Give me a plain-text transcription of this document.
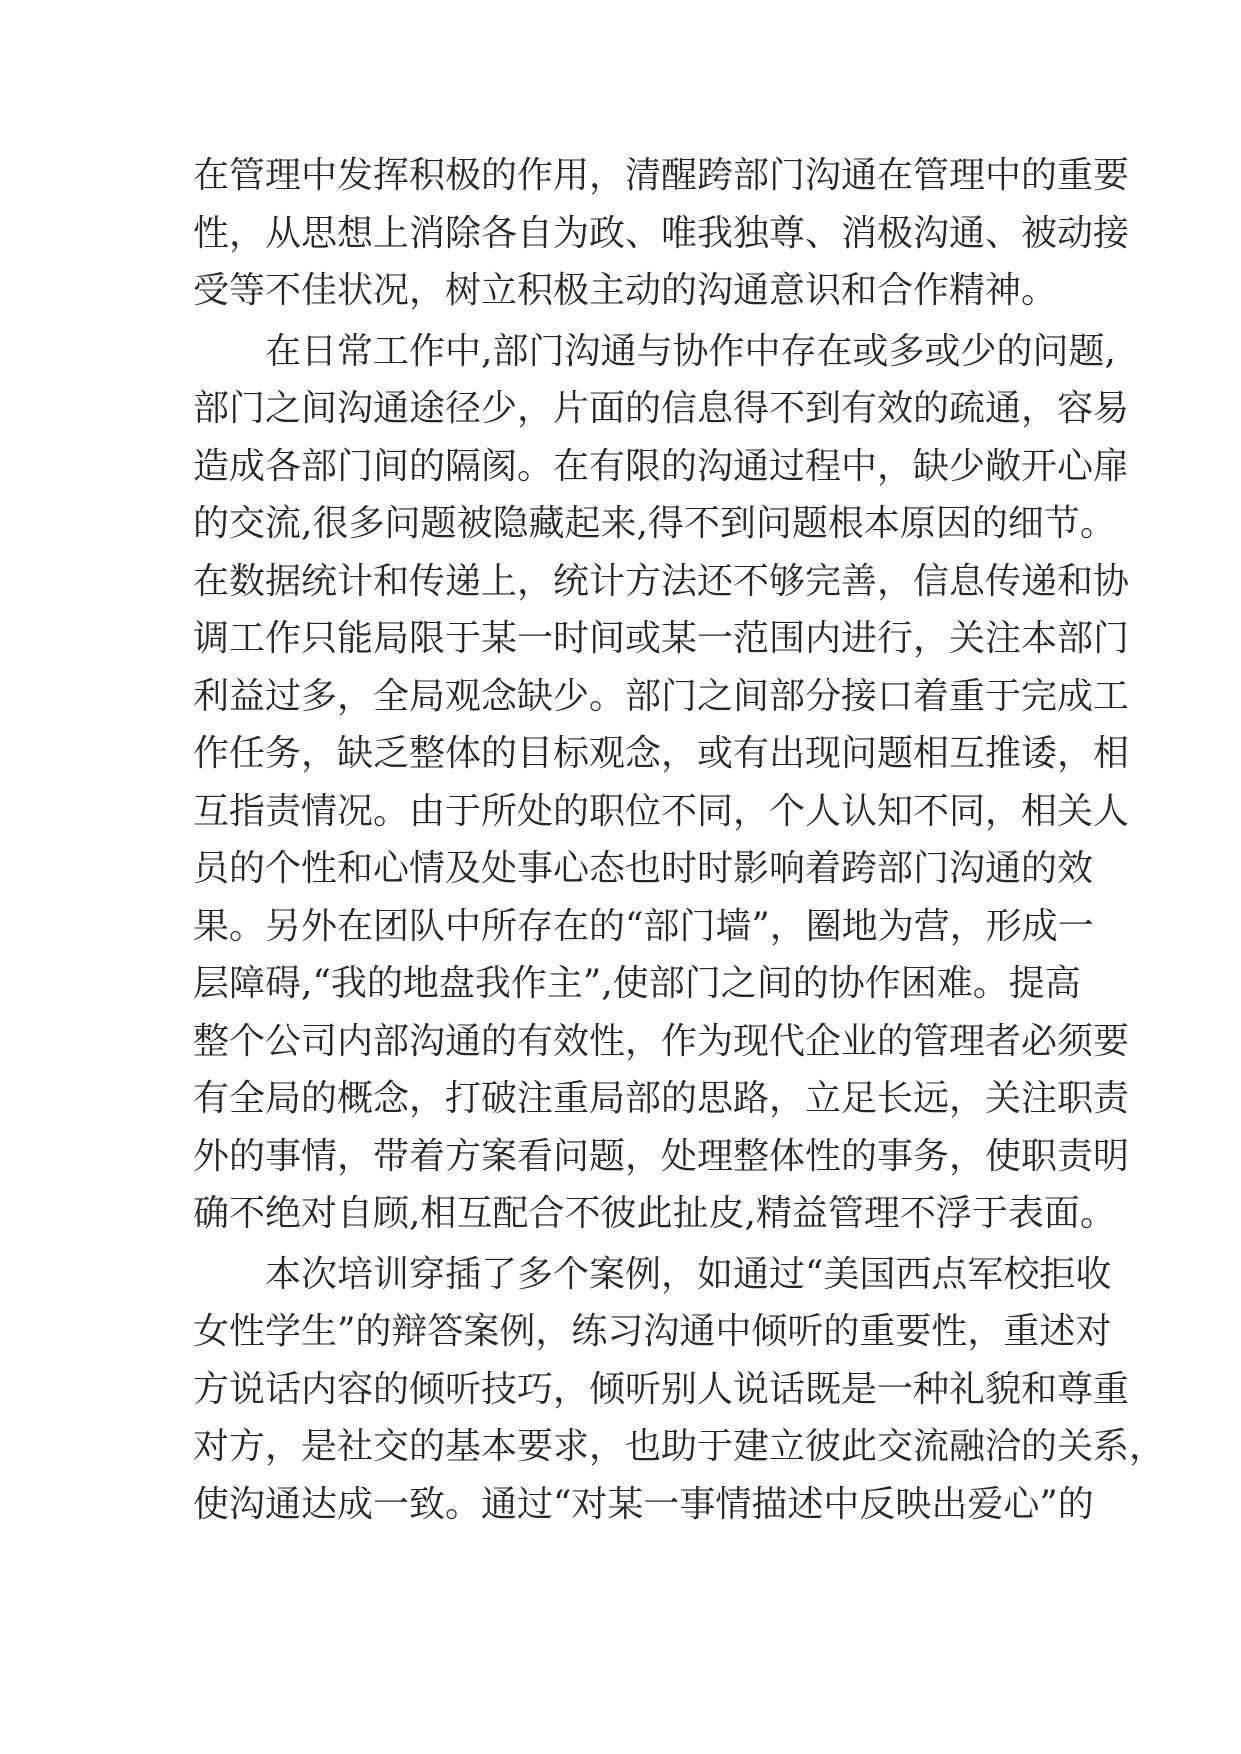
在管理中发挥积极的作用，清醒跨部门沟通在管理中的重要
性，从思想上消除各自为政、唯我独尊、消极沟通、被动接
受等不佳状况，树立积极主动的沟通意识和合作精神。
在日常工作中,部门沟通与协作中存在或多或少的问题,
部门之间沟通途径少，片面的信息得不到有效的疏通，容易
造成各部门间的隔阂。在有限的沟通过程中，缺少敞开心扉
的交流,很多问题被隐藏起来,得不到问题根本原因的细节。
在数据统计和传递上，统计方法还不够完善，信息传递和协
调工作只能局限于某一时间或某一范围内进行，关注本部门
利益过多，全局观念缺少。部门之间部分接口着重于完成工
作任务，缺乏整体的目标观念，或有出现问题相互推诿，相
互指责情况。由于所处的职位不同，个人认知不同，相关人
员的个性和心情及处事心态也时时影响着跨部门沟通的效
果。另外在团队中所存在的“部门墙”，圈地为营，形成一
层障碍,“我的地盘我作主”,使部门之间的协作困难。提高
整个公司内部沟通的有效性，作为现代企业的管理者必须要
有全局的概念，打破注重局部的思路，立足长远，关注职责
外的事情，带着方案看问题，处理整体性的事务，使职责明
确不绝对自顾,相互配合不彼此扯皮,精益管理不浮于表面。
本次培训穿插了多个案例，如通过“美国西点军校拒收
女性学生”的辩答案例，练习沟通中倾听的重要性，重述对
方说话内容的倾听技巧，倾听别人说话既是一种礼貌和尊重
对方，是社交的基本要求，也助于建立彼此交流融洽的关系，
使沟通达成一致。通过“对某一事情描述中反映出爱心”的
